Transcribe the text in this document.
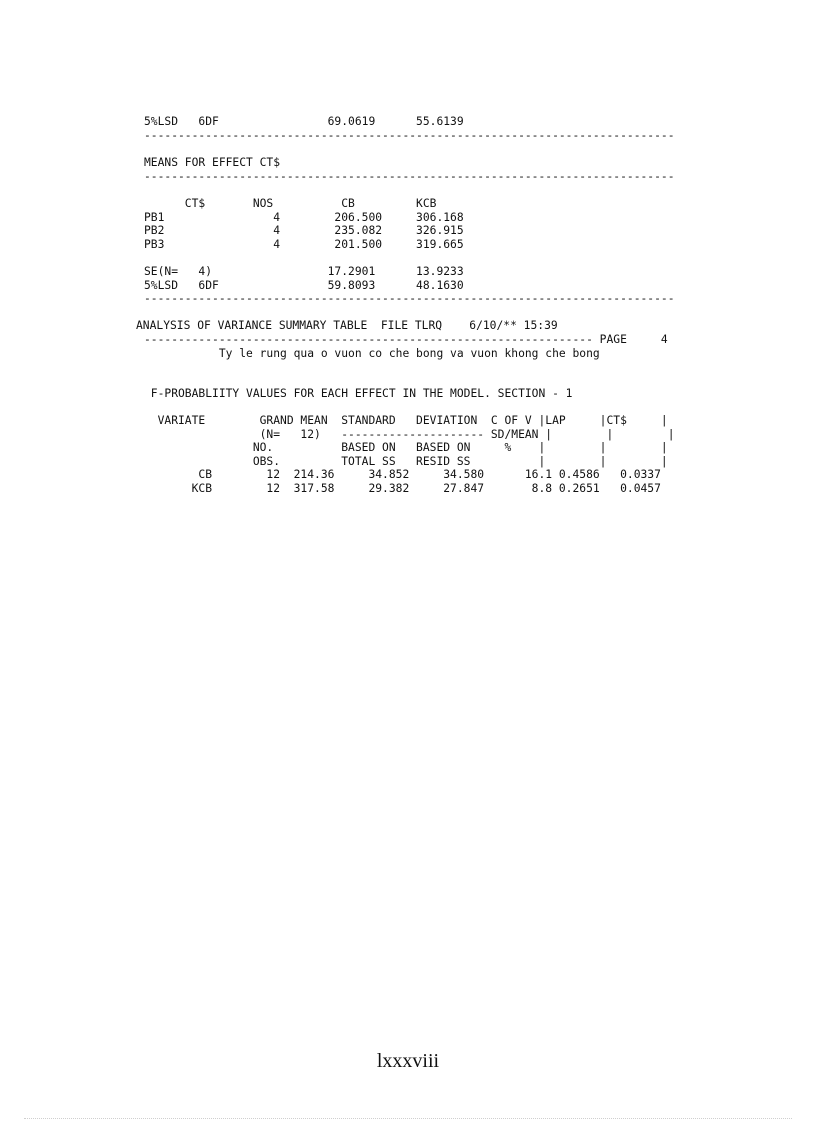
5%LSD   6DF                69.0619      55.6139
------------------------------------------------------------------------------
MEANS FOR EFFECT CT$
------------------------------------------------------------------------------
CT$       NOS          CB         KCB
PB1                4        206.500     306.168
PB2                4        235.082     326.915
PB3                4        201.500     319.665
SE(N=   4)                 17.2901      13.9233
5%LSD   6DF                59.8093      48.1630
------------------------------------------------------------------------------
ANALYSIS OF VARIANCE SUMMARY TABLE  FILE TLRQ    6/10/** 15:39
------------------------------------------------------------------ PAGE     4
Ty le rung qua o vuon co che bong va vuon khong che bong
F-PROBABLIITY VALUES FOR EACH EFFECT IN THE MODEL. SECTION - 1
VARIATE        GRAND MEAN  STANDARD   DEVIATION  C OF V |LAP     |CT$     |
(N=   12)   --------------------- SD/MEAN |        |        |
NO.          BASED ON   BASED ON     %    |        |        |
OBS.         TOTAL SS   RESID SS          |        |        |
CB        12  214.36     34.852     34.580      16.1 0.4586   0.0337
KCB        12  317.58     29.382     27.847       8.8 0.2651   0.0457
lxxxviii
